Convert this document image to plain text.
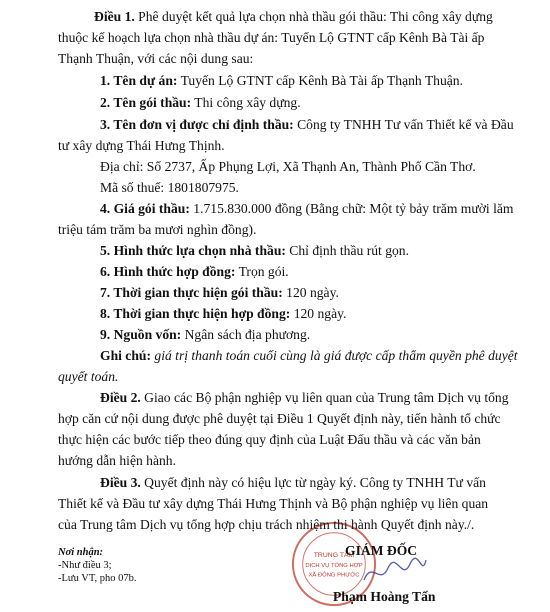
Điều 1. Phê duyệt kết quả lựa chọn nhà thầu gói thầu: Thi công xây dựng
thuộc kế hoạch lựa chọn nhà thầu dự án: Tuyến Lộ GTNT cấp Kênh Bà Tài ấp
Thạnh Thuận, với các nội dung sau:
1. Tên dự án: Tuyến Lộ GTNT cấp Kênh Bà Tài ấp Thạnh Thuận.
2. Tên gói thầu: Thi công xây dựng.
3. Tên đơn vị được chỉ định thầu: Công ty TNHH Tư vấn Thiết kế và Đầu
tư xây dựng Thái Hưng Thịnh.
Địa chỉ: Số 2737, Ấp Phụng Lợi, Xã Thạnh An, Thành Phố Cần Thơ.
Mã số thuế: 1801807975.
4. Giá gói thầu: 1.715.830.000 đồng (Bằng chữ: Một tỷ bảy trăm mười lăm
triệu tám trăm ba mươi nghìn đồng).
5. Hình thức lựa chọn nhà thầu: Chỉ định thầu rút gọn.
6. Hình thức hợp đồng: Trọn gói.
7. Thời gian thực hiện gói thầu: 120 ngày.
8. Thời gian thực hiện hợp đồng: 120 ngày.
9. Nguồn vốn: Ngân sách địa phương.
Ghi chú: giá trị thanh toán cuối cùng là giá được cấp thẩm quyền phê duyệt
quyết toán.
Điều 2. Giao các Bộ phận nghiệp vụ liên quan của Trung tâm Dịch vụ tổng
hợp căn cứ nội dung được phê duyệt tại Điều 1 Quyết định này, tiến hành tổ chức
thực hiện các bước tiếp theo đúng quy định của Luật Đấu thầu và các văn bản
hướng dẫn hiện hành.
TRUNG TÂM
DỊCH VỤ TỔNG HỢP
XÃ ĐÔNG PHƯỚC
Nơi nhận:
-Như điều 3;
-Lưu VT, pho 07b.
GIÁM ĐỐC
Phạm Hoàng Tấn
Điều 3. Quyết định này có hiệu lực từ ngày ký. Công ty TNHH Tư vấn
Thiết kế và Đầu tư xây dựng Thái Hưng Thịnh và Bộ phận nghiệp vụ liên quan
của Trung tâm Dịch vụ tổng hợp chịu trách nhiệm thi hành Quyết định này./.
